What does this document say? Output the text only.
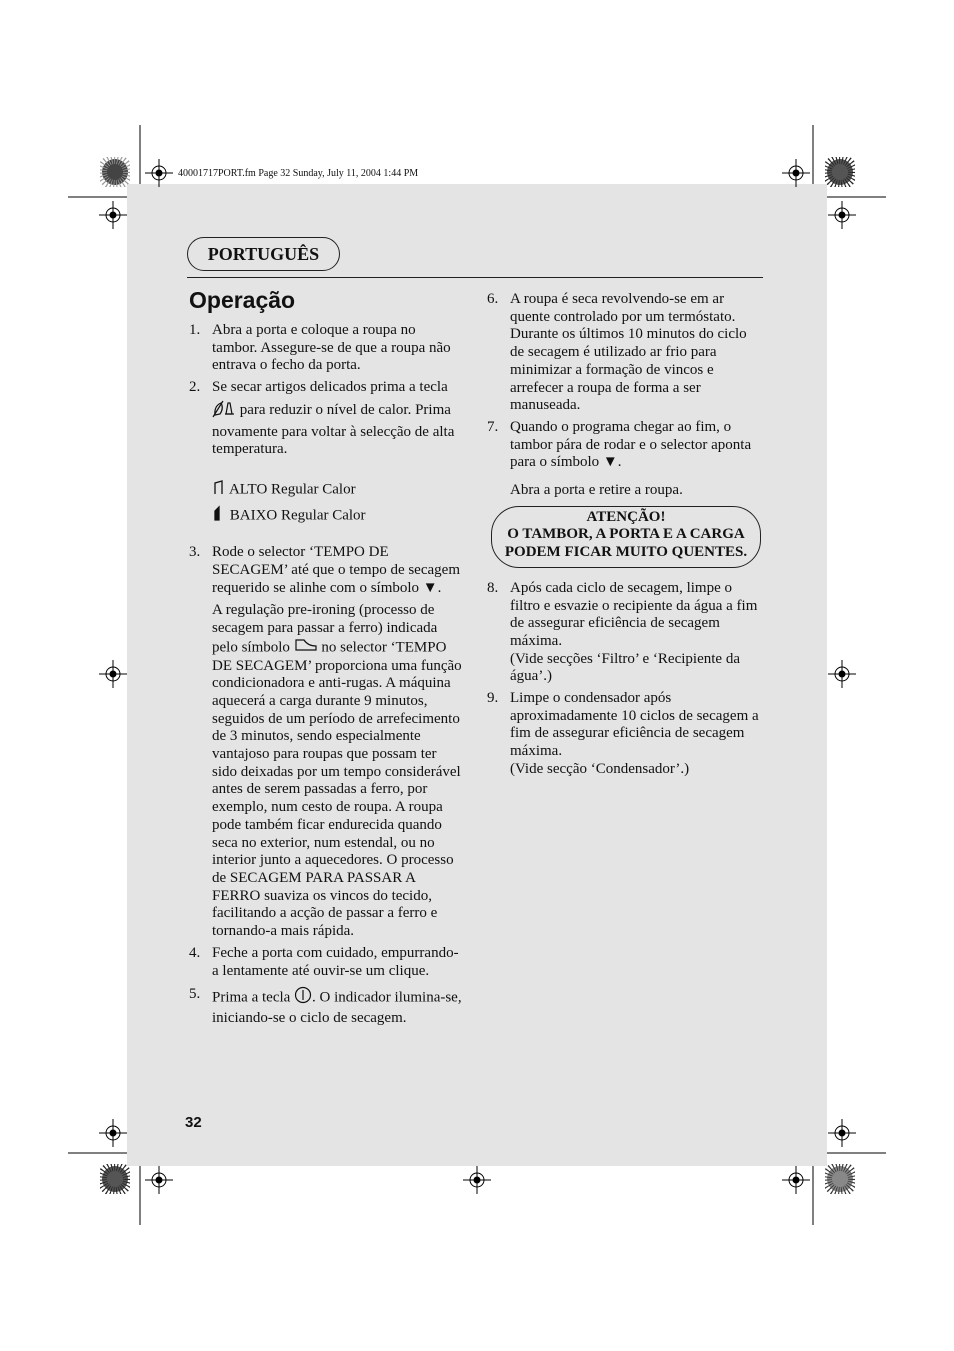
40001717PORT.fm Page 32 Sunday, July 11, 2004 1:44 PM
PORTUGUÊS
Operação
1. Abra a porta e coloque a roupa no tambor. Assegure-se de que a roupa não entrava o fecho da porta.
2. Se secar artigos delicados prima a tecla
para reduzir o nível de calor. Prima novamente para voltar à selecção de alta temperatura.
ALTO Regular Calor
BAIXO Regular Calor
3. Rode o selector ‘TEMPO DE SECAGEM’ até que o tempo de secagem requerido se alinhe com o símbolo ▼.
A regulação pre-ironing (processo de secagem para passar a ferro) indicada pelo símbolo  no selector ‘TEMPO DE SECAGEM’ proporciona uma função condicionadora e anti-rugas. A máquina aquecerá a carga durante 9 minutos, seguidos de um período de arrefecimento de 3 minutos, sendo especialmente vantajoso para roupas que possam ter sido deixadas por um tempo considerável antes de serem passadas a ferro, por exemplo, num cesto de roupa. A roupa pode também ficar endurecida quando seca no exterior, num estendal, ou no interior junto a aquecedores. O processo de SECAGEM PARA PASSAR A FERRO suaviza os vincos do tecido, facilitando a acção de passar a ferro e tornando-a mais rápida.
4. Feche a porta com cuidado, empurrando-a lentamente até ouvir-se um clique.
5. Prima a tecla . O indicador ilumina-se, iniciando-se o ciclo de secagem.
6. A roupa é seca revolvendo-se em ar quente controlado por um termóstato. Durante os últimos 10 minutos do ciclo de secagem é utilizado ar frio para minimizar a formação de vincos e arrefecer a roupa de forma a ser manuseada.
7. Quando o programa chegar ao fim, o tambor pára de rodar e o selector aponta para o símbolo ▼.
Abra a porta e retire a roupa.
ATENÇÃO!
O TAMBOR, A PORTA E A CARGA PODEM FICAR MUITO QUENTES.
8. Após cada ciclo de secagem, limpe o filtro e esvazie o recipiente da água a fim de assegurar eficiência de secagem máxima.
(Vide secções ‘Filtro’ e ‘Recipiente da água’.)
9. Limpe o condensador após aproximadamente 10 ciclos de secagem a fim de assegurar eficiência de secagem máxima.
(Vide secção ‘Condensador’.)
32
